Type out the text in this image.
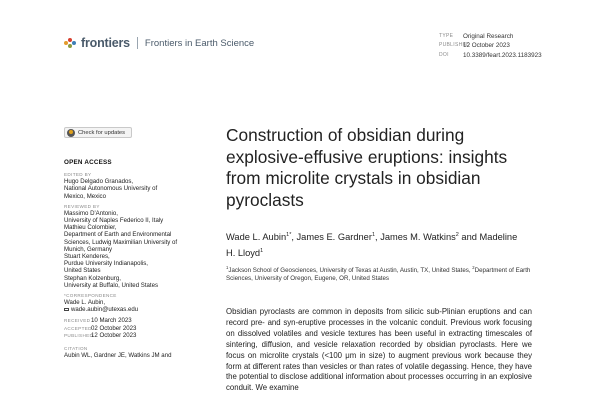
frontiers Frontiers in Earth Science
TYPE	Original Research
PUBLISHED
12 October 2023
DOI	10.3389/feart.2023.1183923
Check for updates
OPEN ACCESS
EDITED BY
Hugo Delgado Granados,
National Autonomous University of
Mexico, Mexico
REVIEWED BY
Massimo D'Antonio,
University of Naples Federico II, Italy
Mathieu Colombier,
Department of Earth and Environmental
Sciences, Ludwig Maximilian University of
Munich, Germany
Stuart Kenderes,
Purdue University Indianapolis,
United States
Stephan Kolzenburg,
University at Buffalo, United States
*CORRESPONDENCE
Wade L. Aubin,
wade.aubin@utexas.edu
RECEIVED 10 March 2023
ACCEPTED 02 October 2023
PUBLISHED
12 October 2023
CITATION
Aubin WL, Gardner JE, Watkins JM and
Construction of obsidian during explosive-effusive eruptions: insights from microlite crystals in obsidian pyroclasts
Wade L. Aubin$^{1*}$, James E. Gardner$^1$, James M. Watkins$^2$ and Madeline H. Lloyd$^1$
$^1$Jackson School of Geosciences, University of Texas at Austin, Austin, TX, United States, $^2$Department of Earth Sciences, University of Oregon, Eugene, OR, United States

Obsidian pyroclasts are common in deposits from silicic sub-Plinian eruptions and can record pre- and syn-eruptive processes in the volcanic conduit. Previous work focusing on dissolved volatiles and vesicle textures has been useful in extracting timescales of sintering, diffusion, and vesicle relaxation recorded by obsidian pyroclasts. Here we focus on microlite crystals (<100 μm in size) to augment previous work because they form at different rates than vesicles or than rates of volatile degassing. Hence, they have the potential to disclose additional information about processes occurring in an explosive conduit. We examine
